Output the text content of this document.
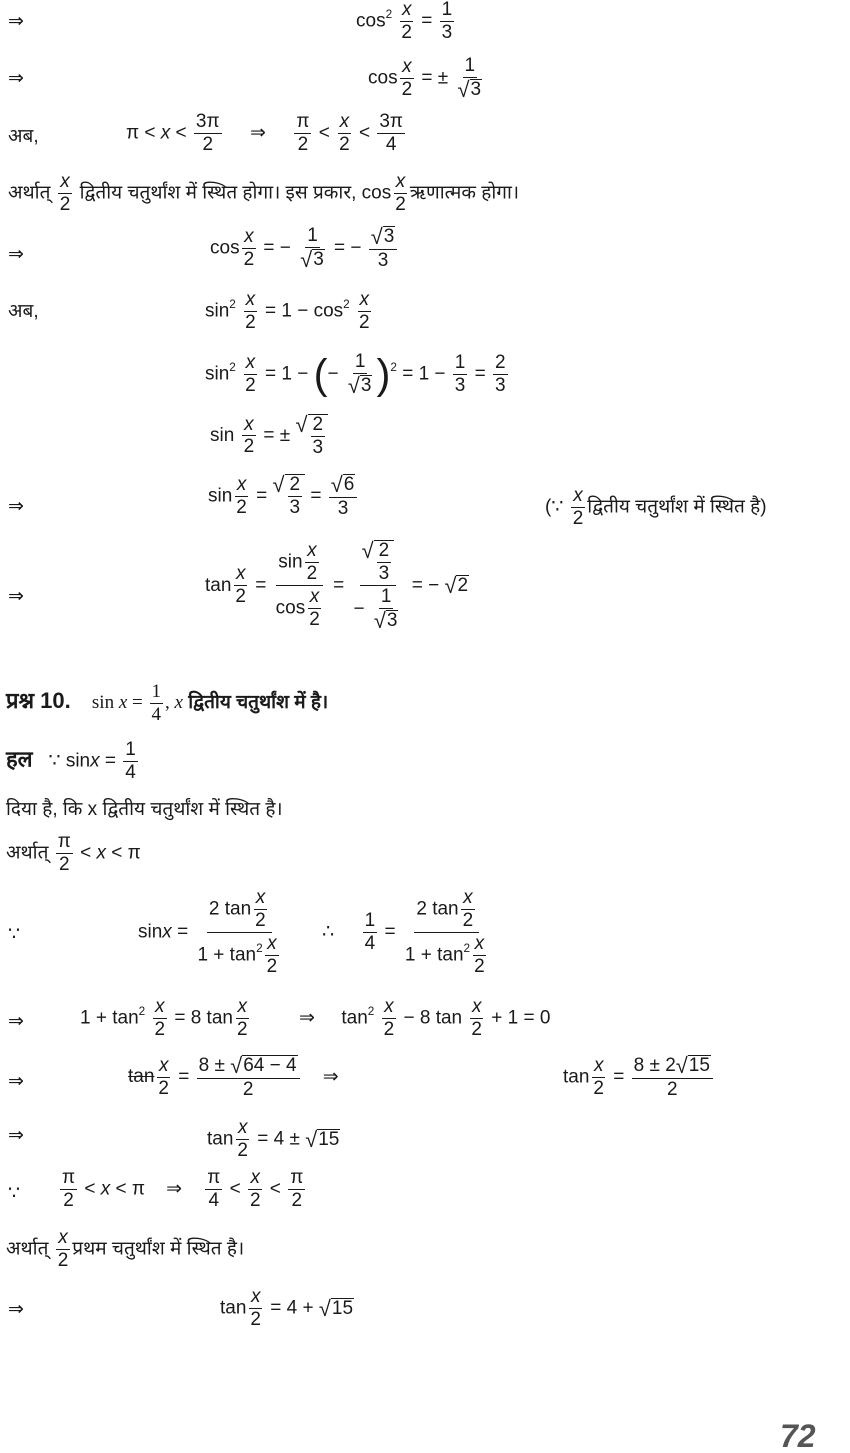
⇒	$\cos^2 \frac{x}{2} = \frac{1}{3}$
⇒	$\cos \frac{x}{2}$ = ± $\frac{1}{√ 3}$
अब,	$\pi < x < \frac{3\pi}{2}$ ⇒ $\frac{\pi}{2} < \frac{x}{2} < \frac{3\pi}{4}$
अर्थात् $\frac{x}{2}$ द्वितीय चतुर्थांश में स्थित होगा। इस प्रकार, $\cos \frac{x}{2}$ ऋणात्मक होगा।
⇒	$\cos \frac{x}{2}$ = − $\frac{1}{√ 3}$ = − $\frac{√ 3}{3}$
अब,	$\sin^2 \frac{x}{2} = 1 - \cos^2 \frac{x}{2}$
$\sin^2 \frac{x}{2} = 1$ − (− $\frac{1}{√ 3} )^2 = 1 - \frac{1}{3} = \frac{2}{3}$
$\sin \frac{x}{2}$ = ± √ $\frac{2}{3}$
⇒
$\sin \frac{x}{2}$ = √ $\frac{2}{3} = \frac{√ 6}{3}$	(∵ $\frac{x}{2}$ द्वितीय चतुर्थांश में स्थित है)
⇒
$\tan \frac{x}{2} = \frac{\sin \frac{x}{2}}{\cos \frac{x}{2}} = \frac{√ \frac{2}{3}}{- \frac{1}{√ 3}}$ = − √ 2
प्रश्न 10. $\sin x = \frac{1}{4}$ , x द्वितीय चतुर्थांश में है।
हल   ∵ $\sin x = \frac{1}{4}$
दिया है, कि x द्वितीय चतुर्थांश में स्थित है।
अर्थात् $\frac{\pi}{2} < x < \pi$
∵	$\sin x = \frac{2 \tan \frac{x}{2}}{1 + \tan^2 \frac{x}{2}}$ ∴ $\frac{1}{4} = \frac{2 \tan \frac{x}{2}}{1 + \tan^2 \frac{x}{2}}$
⇒	$1 + \tan^2 \frac{x}{2} = 8$ $\tan \frac{x}{2}$ ⇒     $\tan^2 \frac{x}{2} - 8$ $\tan \frac{x}{2} + 1 = 0$
⇒	$\tan \frac{x}{2} = \frac{8 \pm √ 64 - 4}{2}$ ⇒	$\tan \frac{x}{2} = \frac{8 \pm 2 √ 15}{2}$
⇒	$\tan \frac{x}{2} = 4$ ± √ 15
∵ $\frac{\pi}{2} < x < \pi$    ⇒ $\frac{\pi}{4} < \frac{x}{2} < \frac{\pi}{2}$
अर्थात् $\frac{x}{2}$ प्रथम चतुर्थांश में स्थित है।
⇒	$\tan \frac{x}{2} = 4$ + √ 15
72
